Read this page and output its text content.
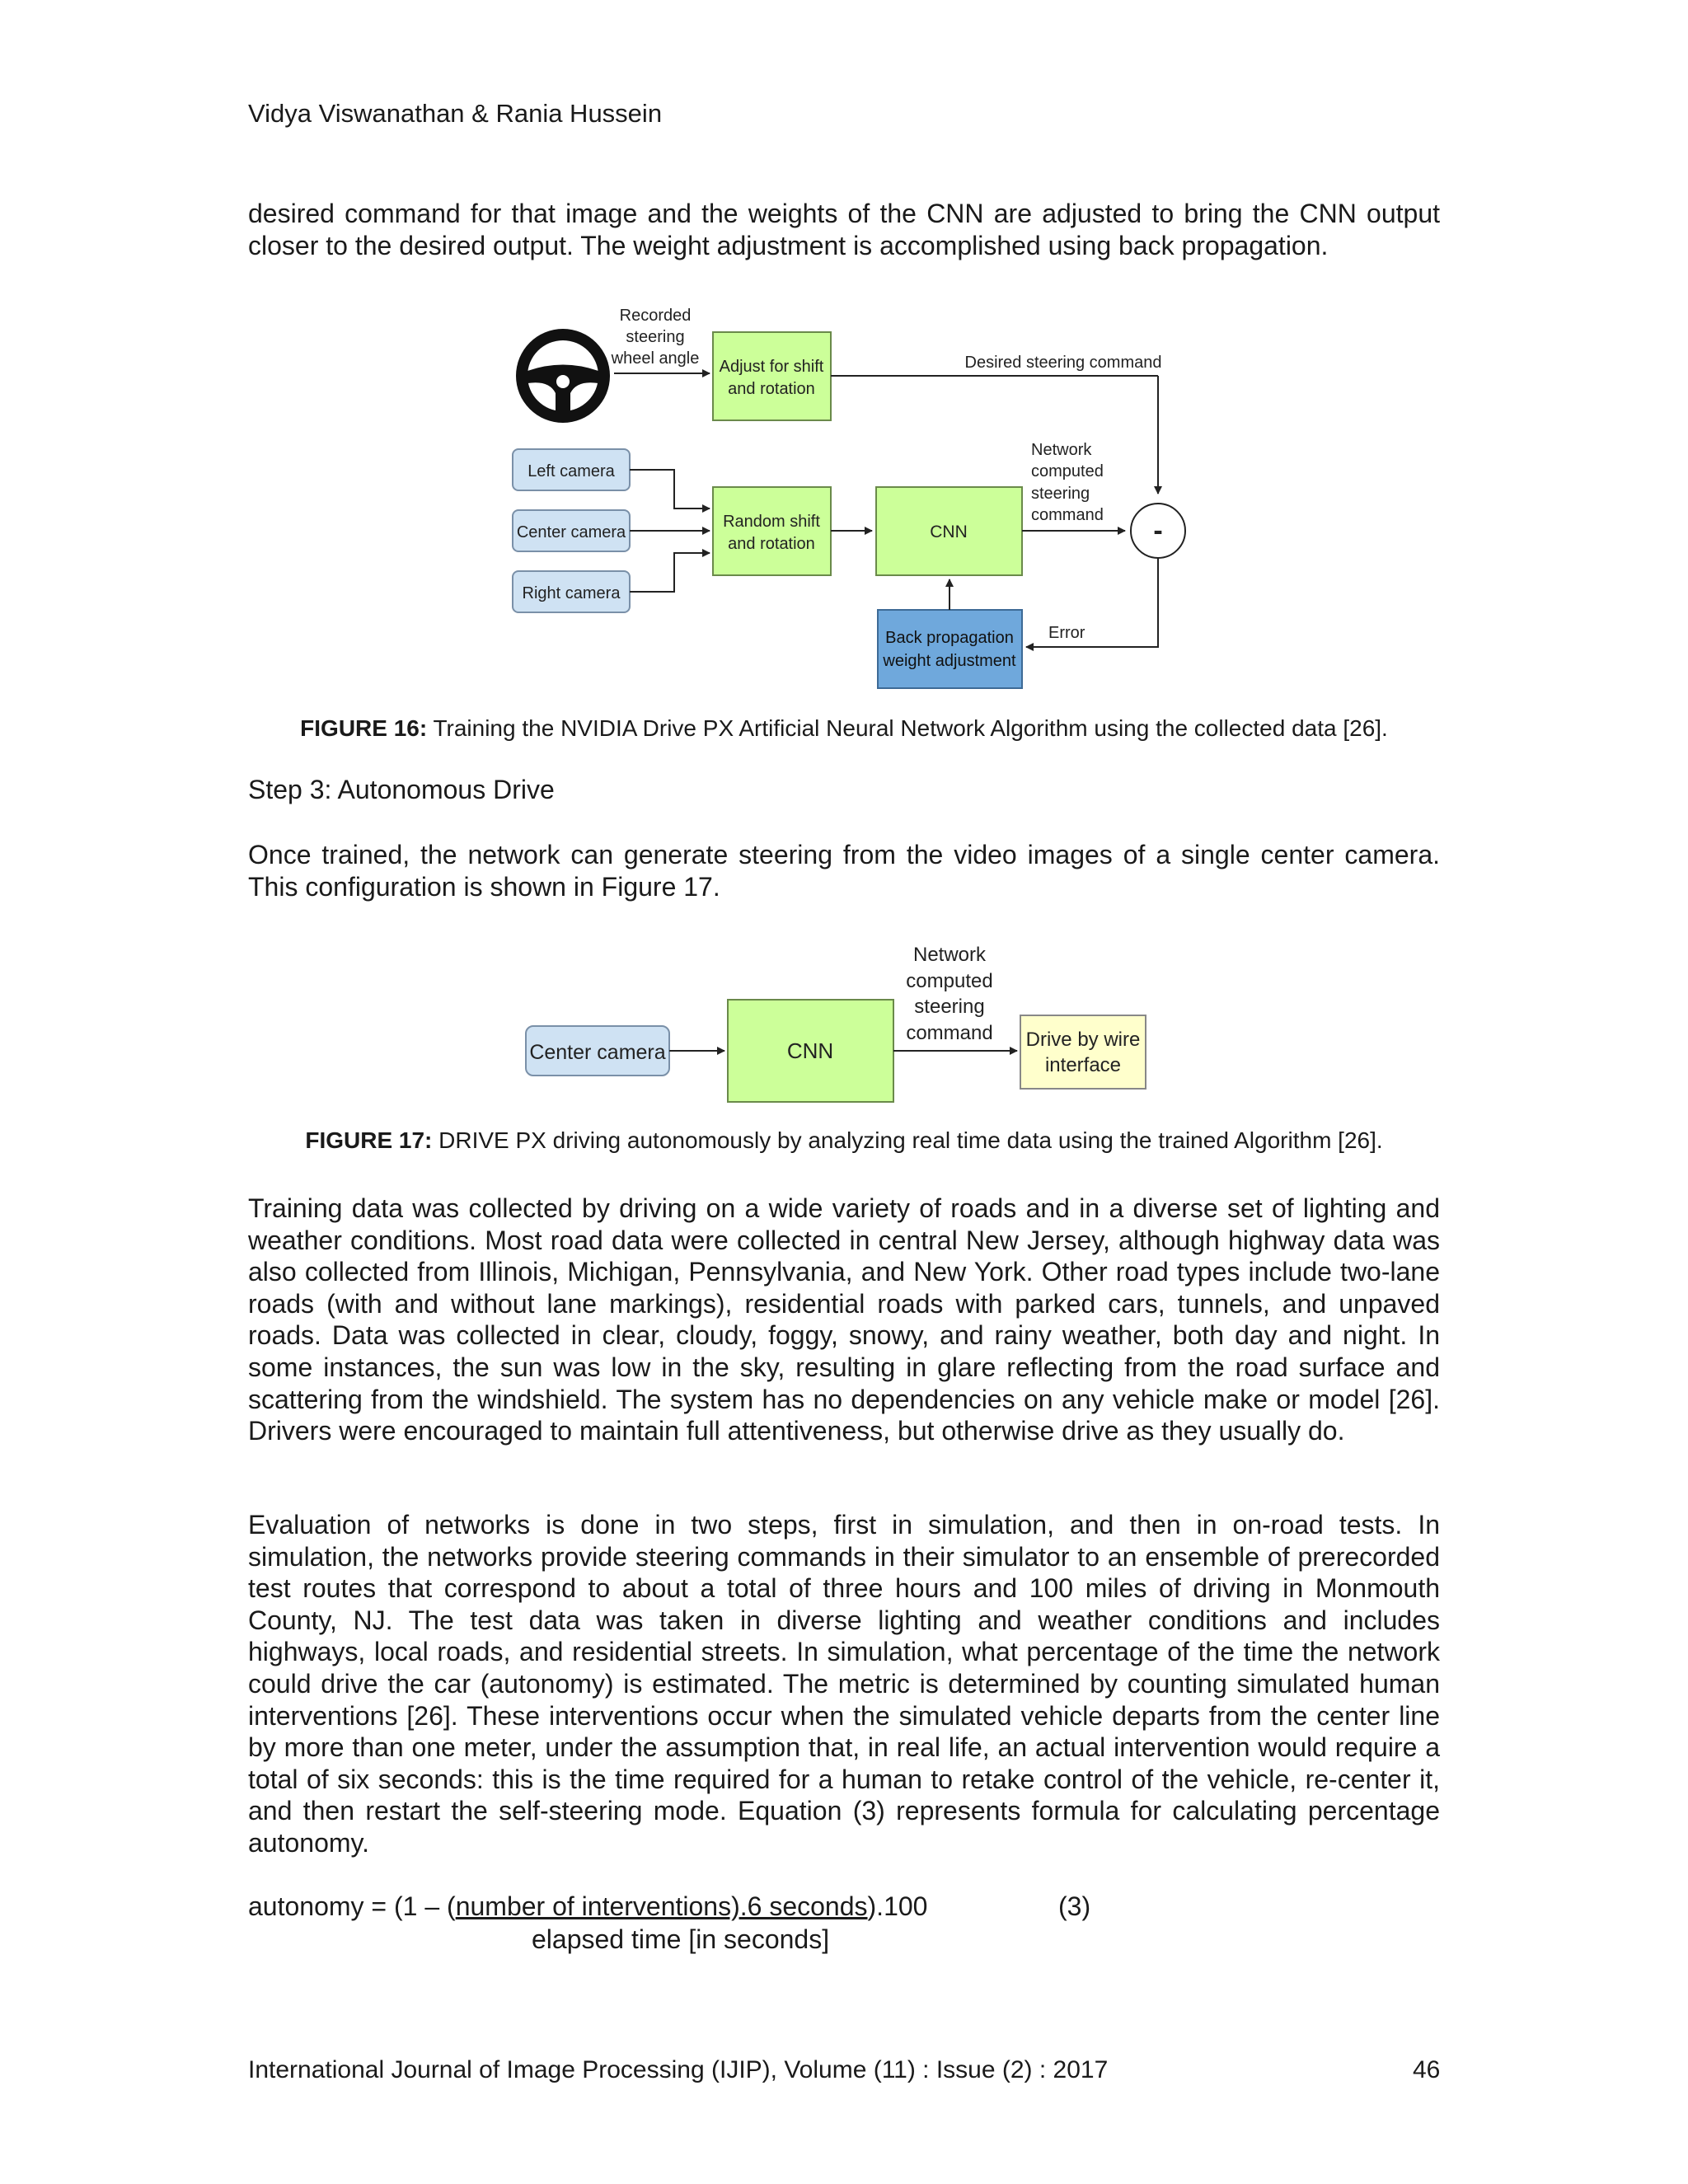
Vidya Viswanathan & Rania Hussein

desired command for that image and the weights of the CNN are adjusted to bring the CNN output closer to the desired output. The weight adjustment is accomplished using back propagation.

Recorded
steering
wheel angle Adjust for shift
and rotation
Desired steering command
Left camera
Center camera
Right camera
Random shift
and rotation
CNN
Network
computed
steering
command -
Error
Back propagation
weight adjustment
FIGURE 16: Training the NVIDIA Drive PX Artificial Neural Network Algorithm using the collected data [26].
Step 3: Autonomous Drive

Once trained, the network can generate steering from the video images of a single center camera. This configuration is shown in Figure 17.

Center camera	CNN
Network
computed
steering
command Drive by wire
interface
FIGURE 17: DRIVE PX driving autonomously by analyzing real time data using the trained Algorithm [26].

Training data was collected by driving on a wide variety of roads and in a diverse set of lighting and weather conditions. Most road data were collected in central New Jersey, although highway data was also collected from Illinois, Michigan, Pennsylvania, and New York. Other road types include two-lane roads (with and without lane markings), residential roads with parked cars, tunnels, and unpaved roads. Data was collected in clear, cloudy, foggy, snowy, and rainy weather, both day and night. In some instances, the sun was low in the sky, resulting in glare reflecting from the road surface and scattering from the windshield. The system has no dependencies on any vehicle make or model [26]. Drivers were encouraged to maintain full attentiveness, but otherwise drive as they usually do.

Evaluation of networks is done in two steps, first in simulation, and then in on-road tests. In simulation, the networks provide steering commands in their simulator to an ensemble of prerecorded test routes that correspond to about a total of three hours and 100 miles of driving in Monmouth County, NJ. The test data was taken in diverse lighting and weather conditions and includes highways, local roads, and residential streets. In simulation, what percentage of the time the network could drive the car (autonomy) is estimated. The metric is determined by counting simulated human interventions [26]. These interventions occur when the simulated vehicle departs from the center line by more than one meter, under the assumption that, in real life, an actual intervention would require a total of six seconds: this is the time required for a human to retake control of the vehicle, re-center it, and then restart the self-steering mode. Equation (3) represents formula for calculating percentage autonomy.

autonomy = (1 – (number of interventions).6 seconds).100	(3)
elapsed time [in seconds]
International Journal of Image Processing (IJIP), Volume (11) : Issue (2) : 2017	46
